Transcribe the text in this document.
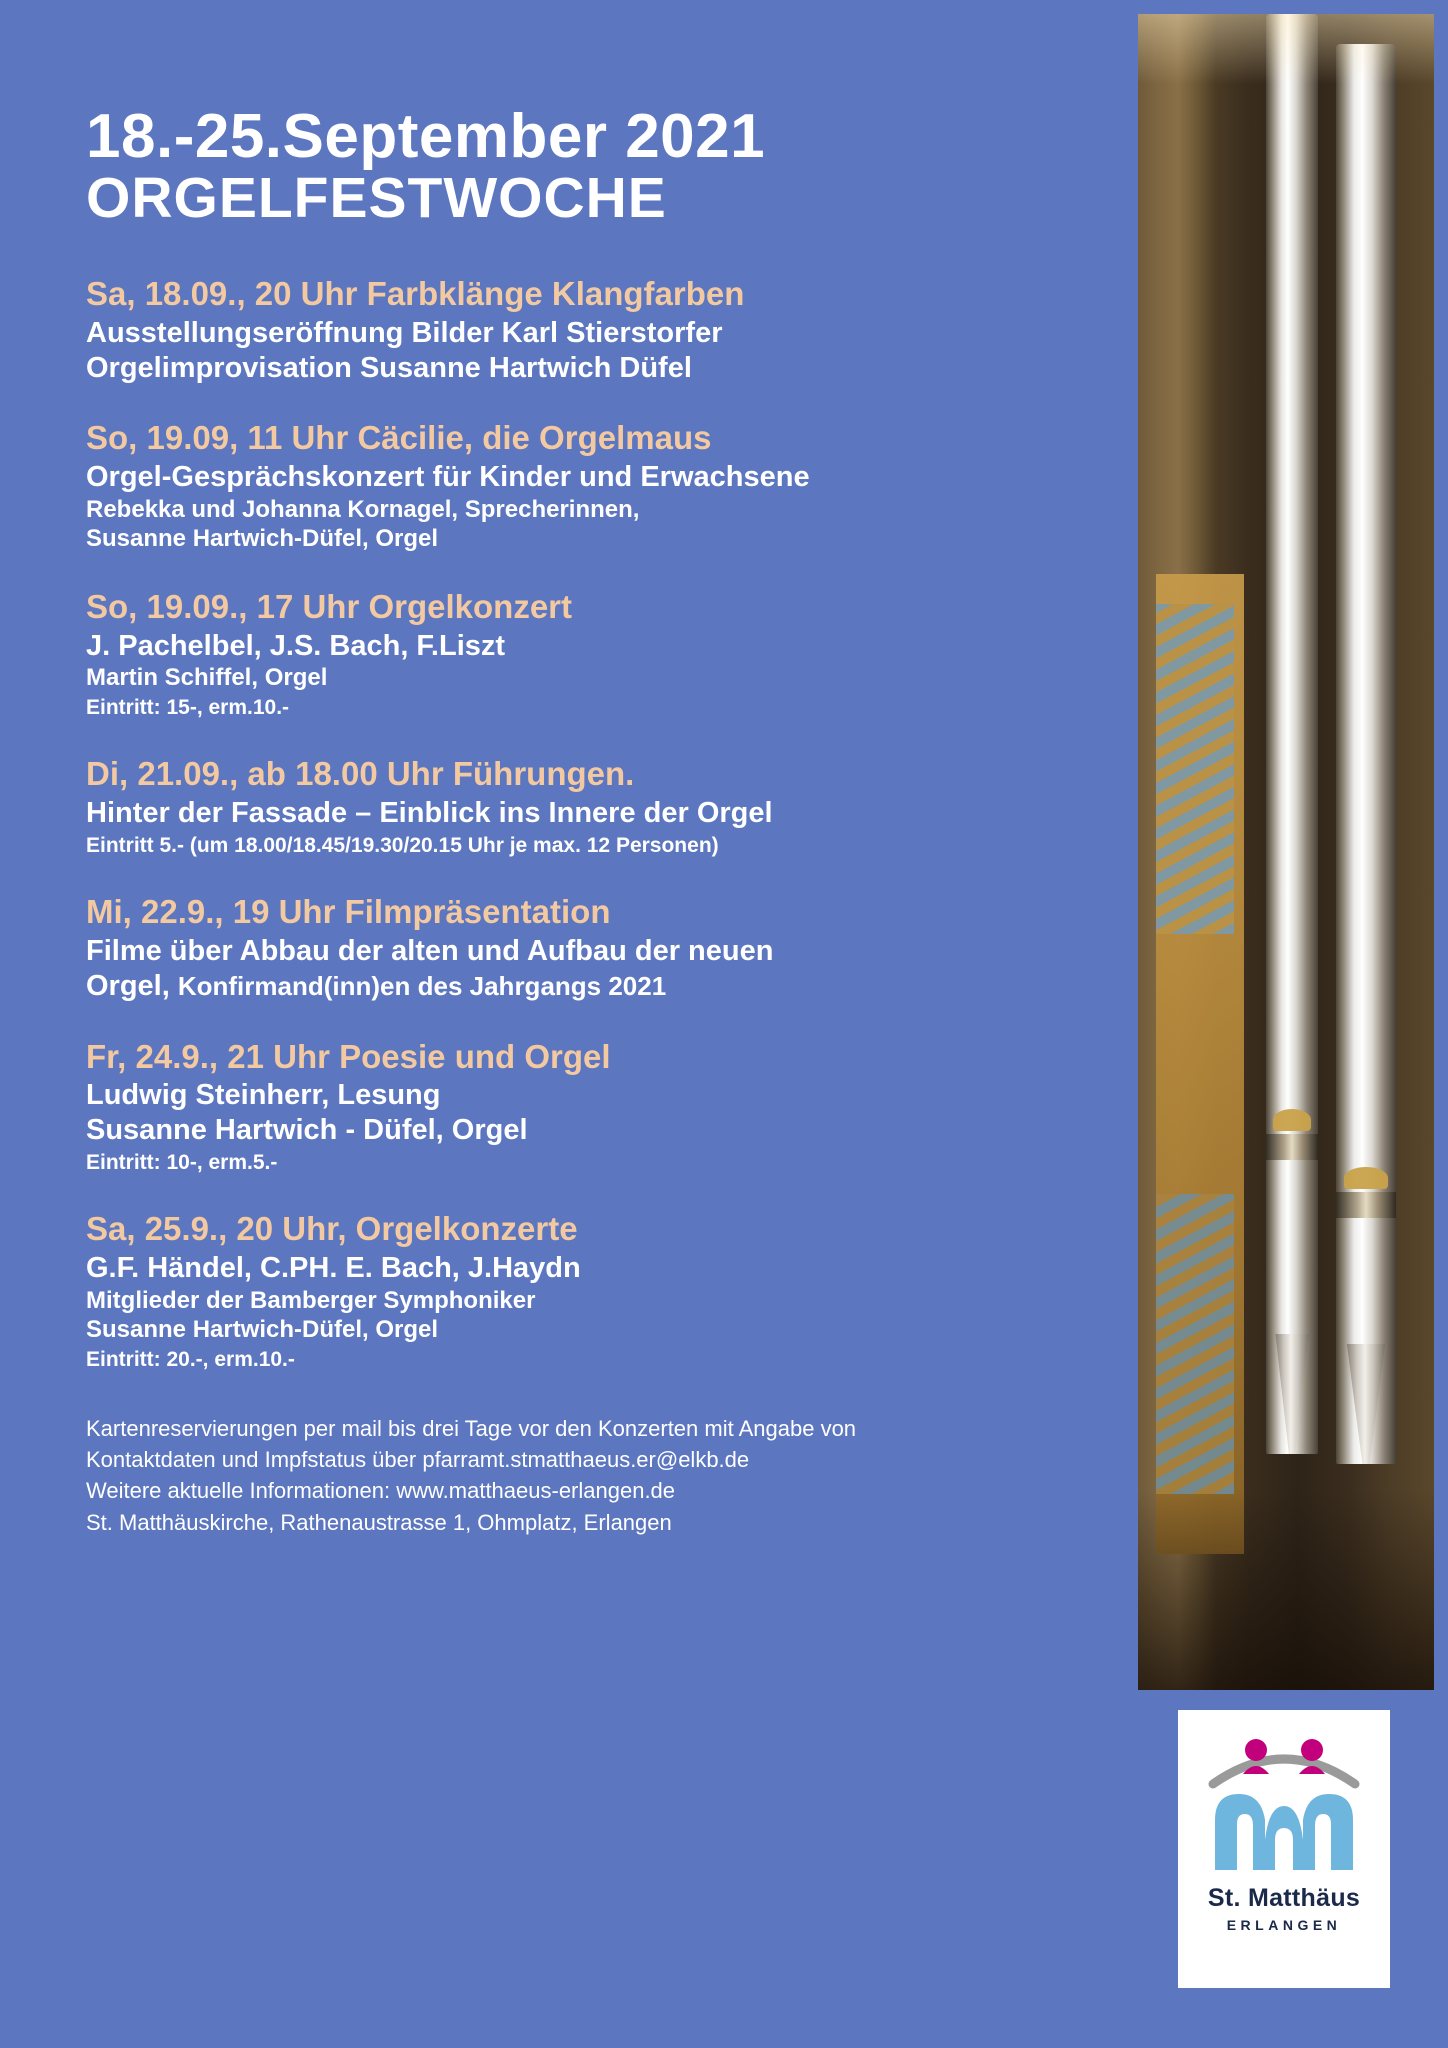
St. Matthäus
ERLANGEN
18.-25.September 2021
ORGELFESTWOCHE

Sa, 18.09., 20 Uhr Farbklänge Klangfarben

Ausstellungseröffnung Bilder Karl Stierstorfer

Orgelimprovisation Susanne Hartwich Düfel

So, 19.09, 11 Uhr Cäcilie, die Orgelmaus

Orgel-Gesprächskonzert für Kinder und Erwachsene

Rebekka und Johanna Kornagel, Sprecherinnen,

Susanne Hartwich-Düfel, Orgel

So, 19.09., 17 Uhr Orgelkonzert

J. Pachelbel, J.S. Bach, F.Liszt

Martin Schiffel, Orgel

Eintritt: 15-, erm.10.-

Di, 21.09., ab 18.00 Uhr Führungen.

Hinter der Fassade – Einblick ins Innere der Orgel

Eintritt 5.- (um 18.00/18.45/19.30/20.15 Uhr je max. 12 Personen)

Mi, 22.9., 19 Uhr Filmpräsentation

Filme über Abbau der alten und Aufbau der neuen

Orgel, Konfirmand(inn)en des Jahrgangs 2021

Fr, 24.9., 21 Uhr Poesie und Orgel

Ludwig Steinherr, Lesung

Susanne Hartwich - Düfel, Orgel

Eintritt: 10-, erm.5.-

Sa, 25.9., 20 Uhr, Orgelkonzerte

G.F. Händel, C.PH. E. Bach, J.Haydn

Mitglieder der Bamberger Symphoniker

Susanne Hartwich-Düfel, Orgel

Eintritt: 20.-, erm.10.-

Kartenreservierungen per mail bis drei Tage vor den Konzerten mit Angabe von
Kontaktdaten und Impfstatus über pfarramt.stmatthaeus.er@elkb.de
Weitere aktuelle Informationen: www.matthaeus-erlangen.de
St. Matthäuskirche, Rathenaustrasse 1, Ohmplatz, Erlangen
